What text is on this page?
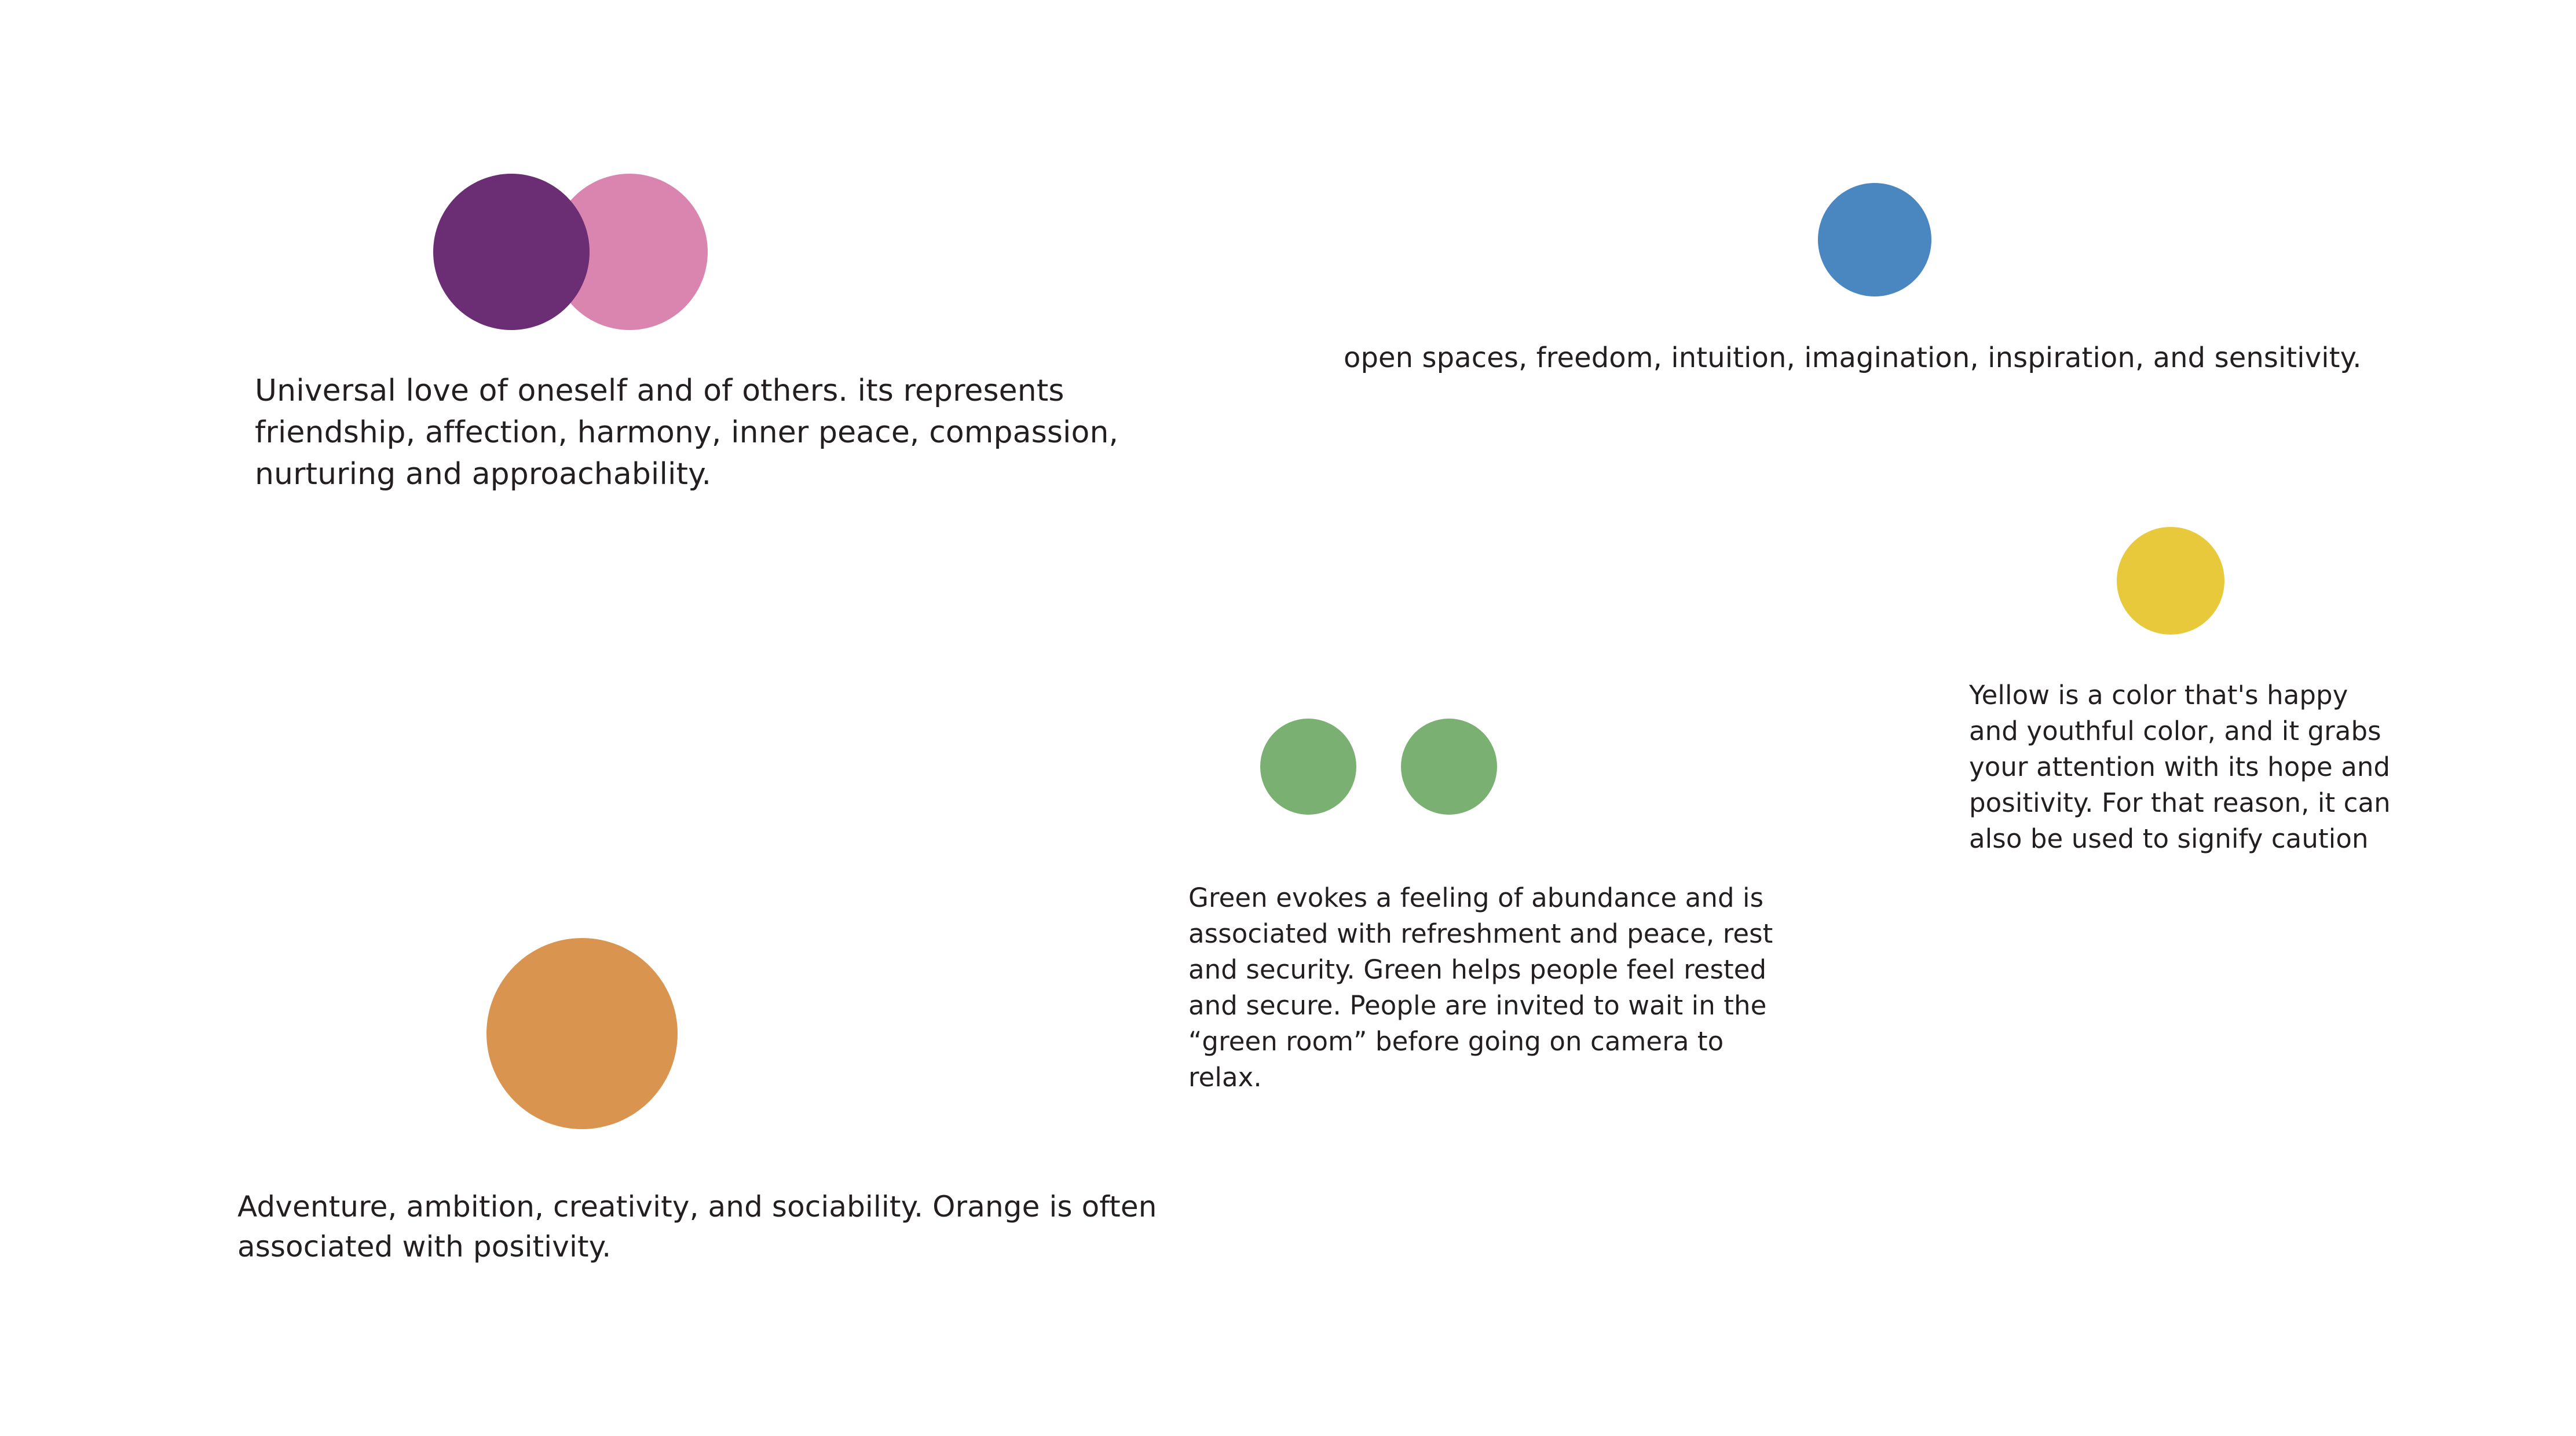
Universal love of oneself and of others. its represents friendship, affection, harmony, inner peace, compassion, nurturing and approachability.
open spaces, freedom, intuition, imagination, inspiration, and sensitivity.
Yellow is a color that's happy and youthful color, and it grabs your attention with its hope and positivity. For that reason, it can also be used to signify caution
Green evokes a feeling of abundance and is associated with refreshment and peace, rest and security. Green helps people feel rested and secure. People are invited to wait in the “green room” before going on camera to relax.
Adventure, ambition, creativity, and sociability. Orange is often associated with positivity.
